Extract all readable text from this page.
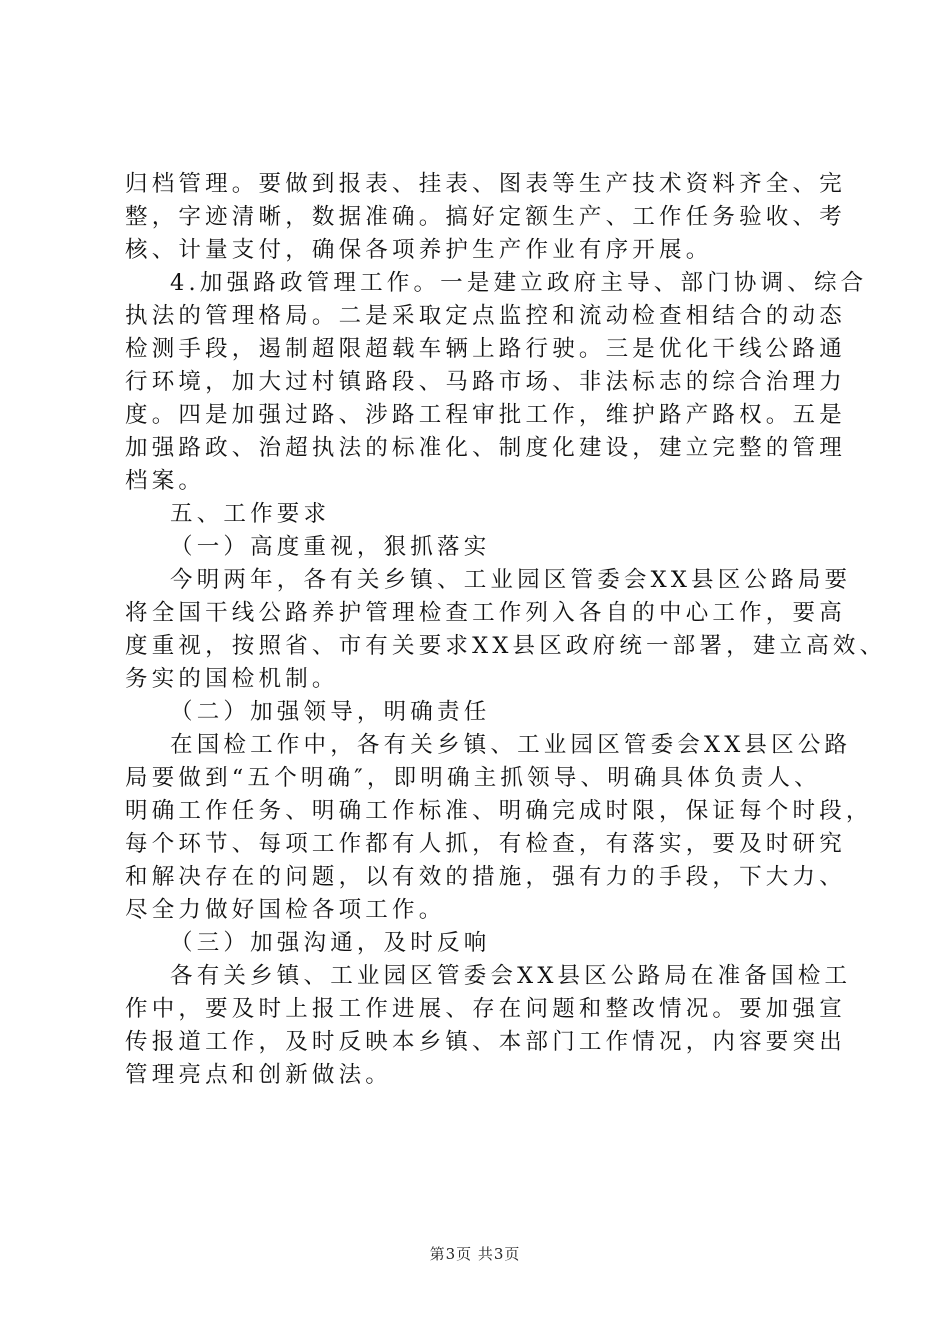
归档管理。要做到报表、挂表、图表等生产技术资料齐全、完
整，字迹清晰，数据准确。搞好定额生产、工作任务验收、考
核、计量支付，确保各项养护生产作业有序开展。
4.加强路政管理工作。一是建立政府主导、部门协调、综合
执法的管理格局。二是采取定点监控和流动检查相结合的动态
检测手段，遏制超限超载车辆上路行驶。三是优化干线公路通
行环境，加大过村镇路段、马路市场、非法标志的综合治理力
度。四是加强过路、涉路工程审批工作，维护路产路权。五是
加强路政、治超执法的标准化、制度化建设，建立完整的管理
档案。
五、工作要求
（一）高度重视，狠抓落实
今明两年，各有关乡镇、工业园区管委会XX县区公路局要
将全国干线公路养护管理检查工作列入各自的中心工作，要高
度重视，按照省、市有关要求XX县区政府统一部署，建立高效、
务实的国检机制。
（二）加强领导，明确责任
在国检工作中，各有关乡镇、工业园区管委会XX县区公路
局要做到“五个明确″，即明确主抓领导、明确具体负责人、
明确工作任务、明确工作标准、明确完成时限，保证每个时段，
每个环节、每项工作都有人抓，有检查，有落实，要及时研究
和解决存在的问题，以有效的措施，强有力的手段，下大力、
尽全力做好国检各项工作。
（三）加强沟通，及时反响
各有关乡镇、工业园区管委会XX县区公路局在准备国检工
作中，要及时上报工作进展、存在问题和整改情况。要加强宣
传报道工作，及时反映本乡镇、本部门工作情况，内容要突出
管理亮点和创新做法。
第3页 共3页
